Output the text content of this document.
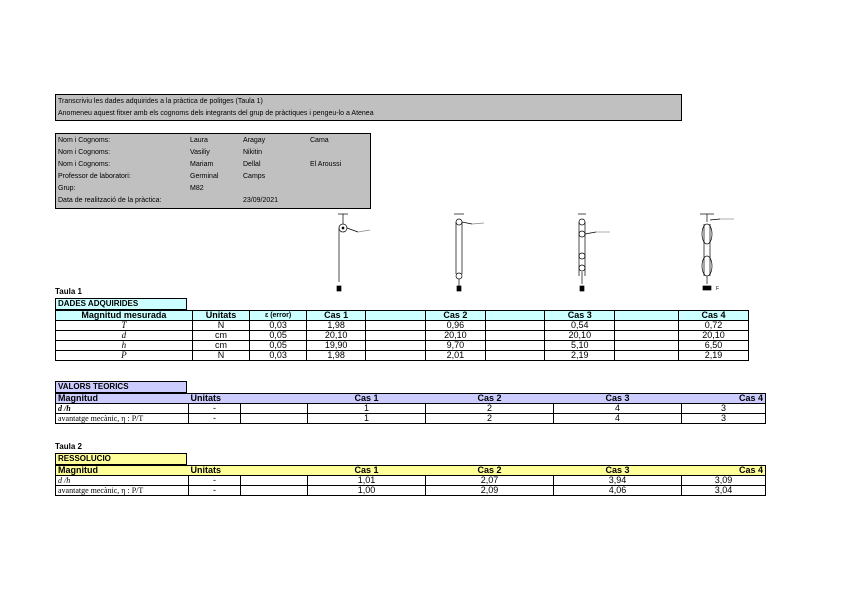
Transcriviu les dades adquirides a la pràctica de politges (Taula 1)
Anomeneu aquest fitxer amb els cognoms dels integrants del grup de pràctiques i pengeu-lo a Atenea
Nom i Cognoms:	Laura	Aragay	Cama
Nom i Cognoms:	Vasiliy	Nikitin
Nom i Cognoms:	Mariam	Dellal	El Aroussi
Professor de laboratori:	Germinal	Camps
Grup:	M82
Data de realització de la pràctica:	23/09/2021
F
Taula 1
DADES ADQUIRIDES
Magnitud mesurada	Unitats	ε (error)	Cas 1		Cas 2		Cas 3		Cas 4
T	N	0,03	1,98		0,96		0,54		0,72
d	cm	0,05	20,10		20,10		20,10		20,10
h	cm	0,05	19,90		9,70		5,10		6,50
P	N	0,03	1,98		2,01		2,19		2,19
VALORS TEORICS
Magnitud	Unitats		Cas 1	Cas 2	Cas 3	Cas 4
d /h	-		1	2	4	3
avantatge mecànic, η : P/T	-		1	2	4	3
Taula 2
RESSOLUCIO
Magnitud	Unitats		Cas 1	Cas 2	Cas 3	Cas 4
d /h	-		1,01	2,07	3,94	3,09
avantatge mecànic, η : P/T	-		1,00	2,09	4,06	3,04
